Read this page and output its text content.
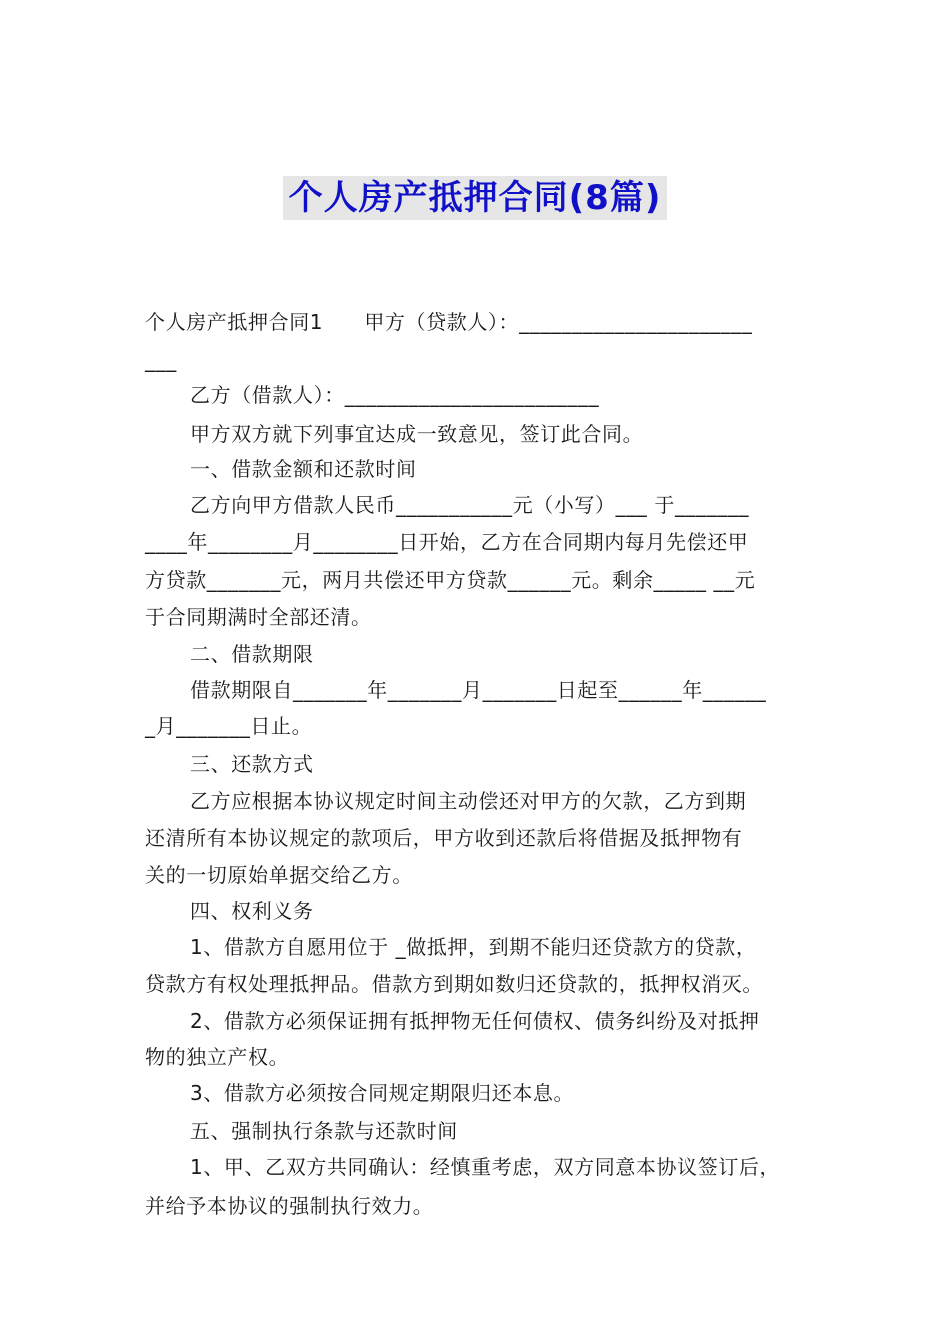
个人房产抵押合同(8篇)
个人房产抵押合同1　　甲方（贷款人）：______________________
___
乙方（借款人）：________________________
甲方双方就下列事宜达成一致意见，签订此合同。
一、借款金额和还款时间
乙方向甲方借款人民币___________元（小写）___ 于_______
____年________月________日开始，乙方在合同期内每月先偿还甲
方贷款_______元，两月共偿还甲方贷款______元。剩余_____ __元
于合同期满时全部还清。
二、借款期限
借款期限自_______年_______月_______日起至______年______
_月_______日止。
三、还款方式
乙方应根据本协议规定时间主动偿还对甲方的欠款，乙方到期
还清所有本协议规定的款项后，甲方收到还款后将借据及抵押物有
关的一切原始单据交给乙方。
四、权利义务
1、借款方自愿用位于 _做抵押，到期不能归还贷款方的贷款，
贷款方有权处理抵押品。借款方到期如数归还贷款的，抵押权消灭。
2、借款方必须保证拥有抵押物无任何债权、债务纠纷及对抵押
物的独立产权。
3、借款方必须按合同规定期限归还本息。
五、强制执行条款与还款时间
1、甲、乙双方共同确认：经慎重考虑，双方同意本协议签订后，
并给予本协议的强制执行效力。
